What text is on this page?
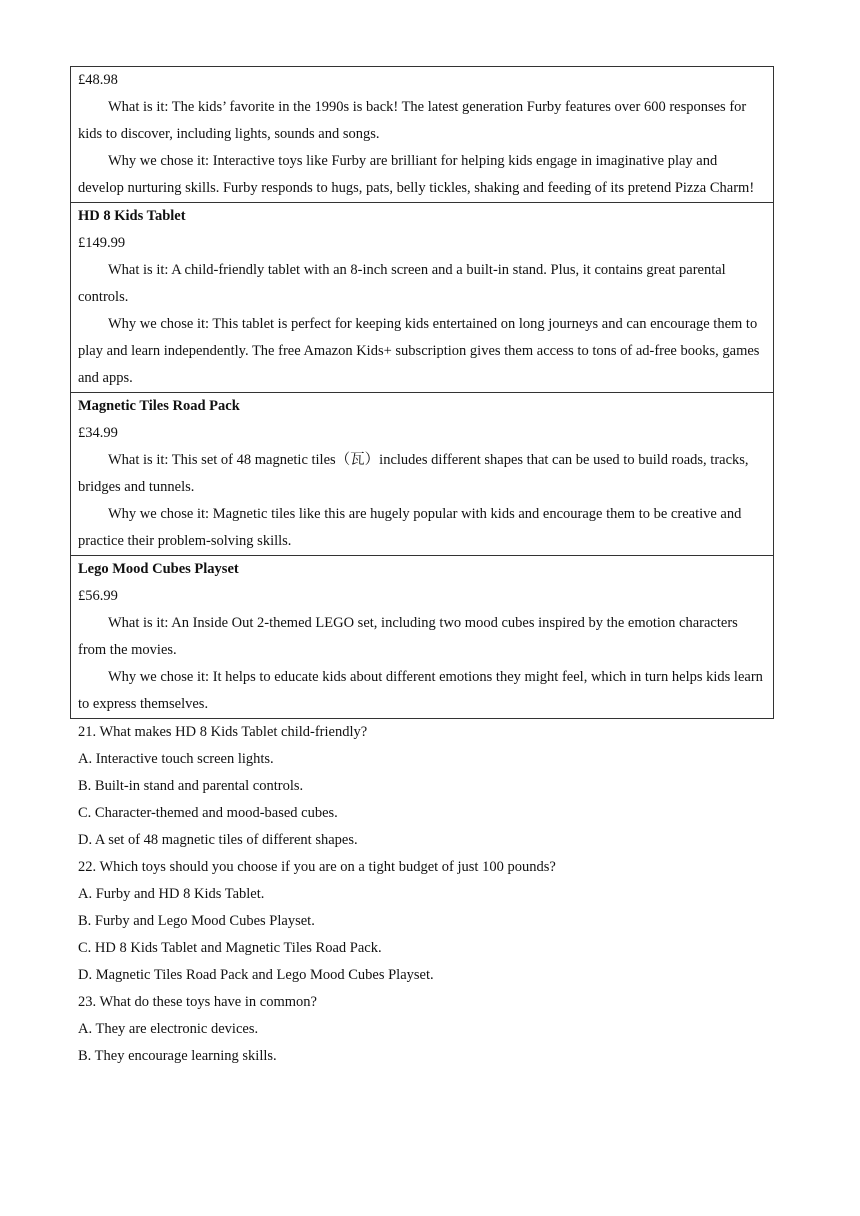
£48.98

What is it: The kids’ favorite in the 1990s is back! The latest generation Furby features over 600 responses for kids to discover, including lights, sounds and songs.

Why we chose it: Interactive toys like Furby are brilliant for helping kids engage in imaginative play and develop nurturing skills. Furby responds to hugs, pats, belly tickles, shaking and feeding of its pretend Pizza Charm!

HD 8 Kids Tablet

£149.99

What is it: A child-friendly tablet with an 8-inch screen and a built-in stand. Plus, it contains great parental controls.

Why we chose it: This tablet is perfect for keeping kids entertained on long journeys and can encourage them to play and learn independently. The free Amazon Kids+ subscription gives them access to tons of ad-free books, games and apps.

Magnetic Tiles Road Pack

£34.99

What is it: This set of 48 magnetic tiles（瓦）includes different shapes that can be used to build roads, tracks, bridges and tunnels.

Why we chose it: Magnetic tiles like this are hugely popular with kids and encourage them to be creative and practice their problem-solving skills.

Lego Mood Cubes Playset

£56.99

What is it: An Inside Out 2-themed LEGO set, including two mood cubes inspired by the emotion characters from the movies.

Why we chose it: It helps to educate kids about different emotions they might feel, which in turn helps kids learn to express themselves.

21. What makes HD 8 Kids Tablet child-friendly?

A. Interactive touch screen lights.

B. Built-in stand and parental controls.

C. Character-themed and mood-based cubes.

D. A set of 48 magnetic tiles of different shapes.

22. Which toys should you choose if you are on a tight budget of just 100 pounds?

A. Furby and HD 8 Kids Tablet.

B. Furby and Lego Mood Cubes Playset.

C. HD 8 Kids Tablet and Magnetic Tiles Road Pack.

D. Magnetic Tiles Road Pack and Lego Mood Cubes Playset.

23. What do these toys have in common?

A. They are electronic devices.

B. They encourage learning skills.
